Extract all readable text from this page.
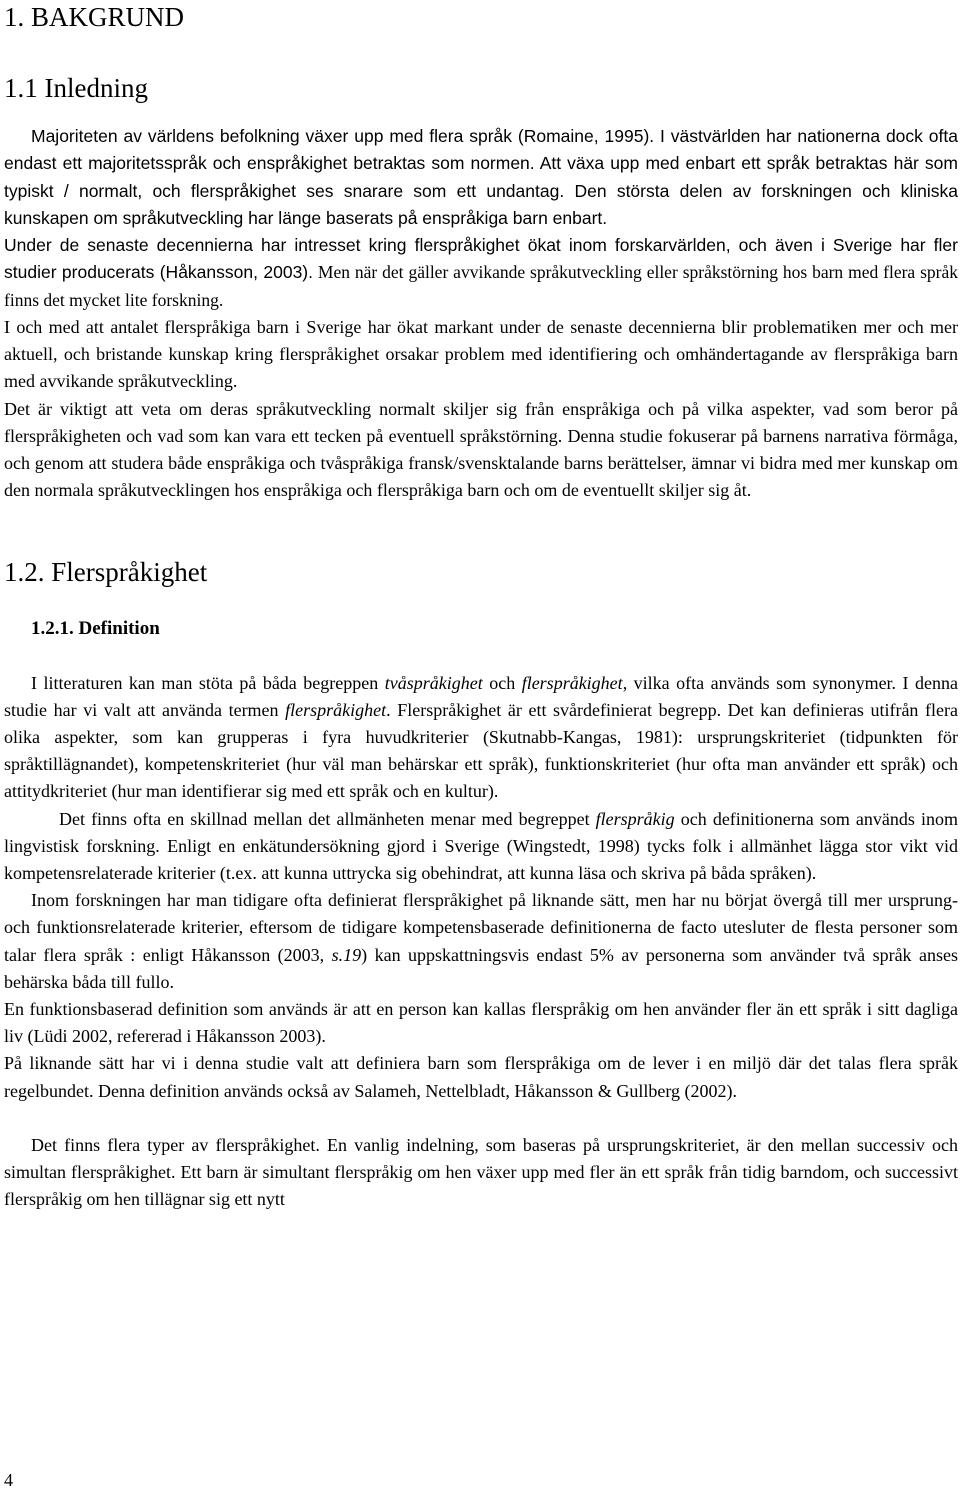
1. BAKGRUND
1.1 Inledning

Majoriteten av världens befolkning växer upp med flera språk (Romaine, 1995). I västvärlden har nationerna dock ofta endast ett majoritetsspråk och enspråkighet betraktas som normen. Att växa upp med enbart ett språk betraktas här som typiskt / normalt, och flerspråkighet ses snarare som ett undantag. Den största delen av forskningen och kliniska kunskapen om språkutveckling har länge baserats på enspråkiga barn enbart.

Under de senaste decennierna har intresset kring flerspråkighet ökat inom forskarvärlden, och även i Sverige har fler studier producerats (Håkansson, 2003). Men när det gäller avvikande språkutveckling eller språkstörning hos barn med flera språk finns det mycket lite forskning.

I och med att antalet flerspråkiga barn i Sverige har ökat markant under de senaste decennierna blir problematiken mer och mer aktuell, och bristande kunskap kring flerspråkighet orsakar problem med identifiering och omhändertagande av flerspråkiga barn med avvikande språkutveckling.

Det är viktigt att veta om deras språkutveckling normalt skiljer sig från enspråkiga och på vilka aspekter, vad som beror på flerspråkigheten och vad som kan vara ett tecken på eventuell språkstörning. Denna studie fokuserar på barnens narrativa förmåga, och genom att studera både enspråkiga och tvåspråkiga fransk/svensktalande barns berättelser, ämnar vi bidra med mer kunskap om den normala språkutvecklingen hos enspråkiga och flerspråkiga barn och om de eventuellt skiljer sig åt.

1.2. Flerspråkighet
1.2.1. Definition

I litteraturen kan man stöta på båda begreppen tvåspråkighet och flerspråkighet, vilka ofta används som synonymer. I denna studie har vi valt att använda termen flerspråkighet. Flerspråkighet är ett svårdefinierat begrepp. Det kan definieras utifrån flera olika aspekter, som kan grupperas i fyra huvudkriterier (Skutnabb-Kangas, 1981): ursprungskriteriet (tidpunkten för språktillägnandet), kompetenskriteriet (hur väl man behärskar ett språk), funktionskriteriet (hur ofta man använder ett språk) och attitydkriteriet (hur man identifierar sig med ett språk och en kultur).

Det finns ofta en skillnad mellan det allmänheten menar med begreppet flerspråkig och definitionerna som används inom lingvistisk forskning. Enligt en enkätundersökning gjord i Sverige (Wingstedt, 1998) tycks folk i allmänhet lägga stor vikt vid kompetensrelaterade kriterier (t.ex. att kunna uttrycka sig obehindrat, att kunna läsa och skriva på båda språken).

Inom forskningen har man tidigare ofta definierat flerspråkighet på liknande sätt, men har nu börjat övergå till mer ursprung- och funktionsrelaterade kriterier, eftersom de tidigare kompetensbaserade definitionerna de facto utesluter de flesta personer som talar flera språk : enligt Håkansson (2003, s.19) kan uppskattningsvis endast 5% av personerna som använder två språk anses behärska båda till fullo.

En funktionsbaserad definition som används är att en person kan kallas flerspråkig om hen använder fler än ett språk i sitt dagliga liv (Lüdi 2002, refererad i Håkansson 2003).

På liknande sätt har vi i denna studie valt att definiera barn som flerspråkiga om de lever i en miljö där det talas flera språk regelbundet. Denna definition används också av Salameh, Nettelbladt, Håkansson & Gullberg (2002).

Det finns flera typer av flerspråkighet. En vanlig indelning, som baseras på ursprungskriteriet, är den mellan successiv och simultan flerspråkighet. Ett barn är simultant flerspråkig om hen växer upp med fler än ett språk från tidig barndom, och successivt flerspråkig om hen tillägnar sig ett nytt

4
